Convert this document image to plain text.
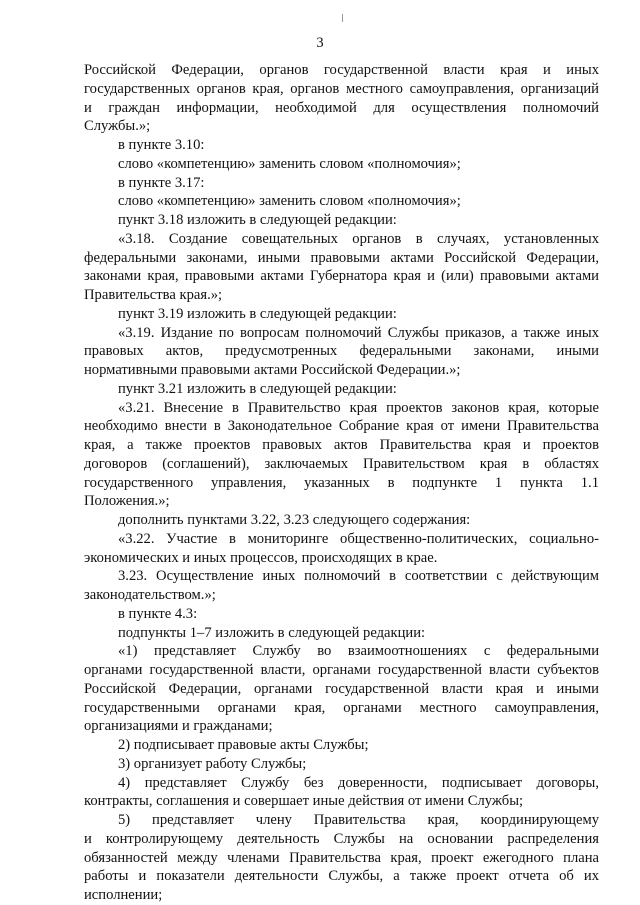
3
Российской Федерации, органов государственной власти края и иных
государственных органов края, органов местного самоуправления, организаций
и граждан информации, необходимой для осуществления полномочий
Службы.»;
в пункте 3.10:
слово «компетенцию» заменить словом «полномочия»;
в пункте 3.17:
слово «компетенцию» заменить словом «полномочия»;
пункт 3.18 изложить в следующей редакции:
«3.18. Создание совещательных органов в случаях, установленных
федеральными законами, иными правовыми актами Российской Федерации,
законами края, правовыми актами Губернатора края и (или) правовыми актами
Правительства края.»;
пункт 3.19 изложить в следующей редакции:
«3.19. Издание по вопросам полномочий Службы приказов, а также иных
правовых актов, предусмотренных федеральными законами, иными
нормативными правовыми актами Российской Федерации.»;
пункт 3.21 изложить в следующей редакции:
«3.21. Внесение в Правительство края проектов законов края, которые
необходимо внести в Законодательное Собрание края от имени Правительства
края, а также проектов правовых актов Правительства края и проектов
договоров (соглашений), заключаемых Правительством края в областях
государственного управления, указанных в подпункте 1 пункта 1.1
Положения.»;
дополнить пунктами 3.22, 3.23 следующего содержания:
«3.22. Участие в мониторинге общественно-политических, социально-
экономических и иных процессов, происходящих в крае.
3.23. Осуществление иных полномочий в соответствии с действующим
законодательством.»;
в пункте 4.3:
подпункты 1–7 изложить в следующей редакции:
«1) представляет Службу во взаимоотношениях с федеральными
органами государственной власти, органами государственной власти субъектов
Российской Федерации, органами государственной власти края и иными
государственными органами края, органами местного самоуправления,
организациями и гражданами;
2) подписывает правовые акты Службы;
3) организует работу Службы;
4) представляет Службу без доверенности, подписывает договоры,
контракты, соглашения и совершает иные действия от имени Службы;
5) представляет члену Правительства края, координирующему
и контролирующему деятельность Службы на основании распределения
обязанностей между членами Правительства края, проект ежегодного плана
работы и показатели деятельности Службы, а также проект отчета об их
исполнении;
